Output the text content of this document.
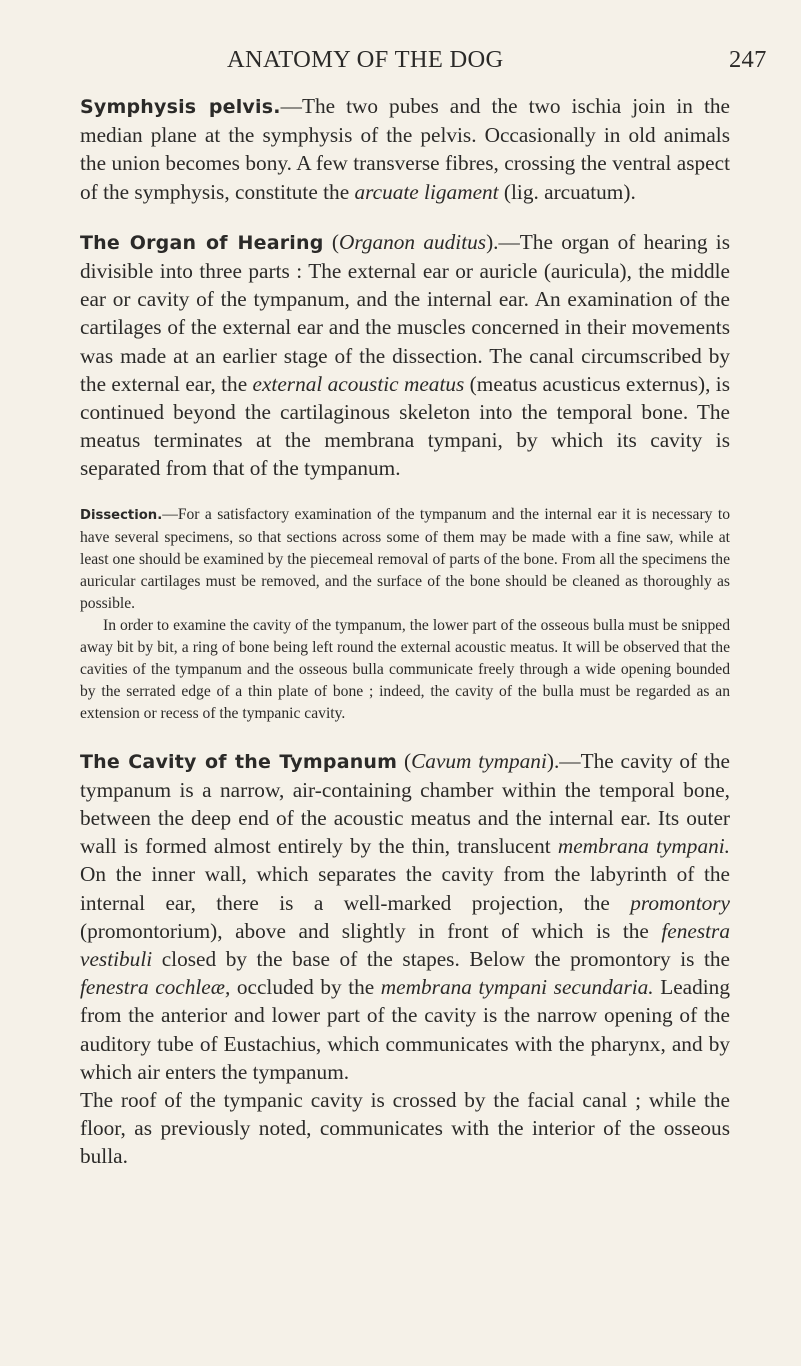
ANATOMY OF THE DOG	247

Symphysis pelvis.—The two pubes and the two ischia join in the median plane at the symphysis of the pelvis. Occasionally in old animals the union becomes bony. A few transverse fibres, crossing the ventral aspect of the symphysis, constitute the arcuate ligament (lig. arcuatum).

The Organ of Hearing (Organon auditus).—The organ of hearing is divisible into three parts : The external ear or auricle (auricula), the middle ear or cavity of the tympanum, and the internal ear. An examination of the cartilages of the external ear and the muscles concerned in their movements was made at an earlier stage of the dissection. The canal circumscribed by the external ear, the external acoustic meatus (meatus acusticus externus), is continued beyond the cartilaginous skeleton into the temporal bone. The meatus terminates at the membrana tympani, by which its cavity is separated from that of the tympanum.

Dissection.—For a satisfactory examination of the tympanum and the internal ear it is necessary to have several specimens, so that sections across some of them may be made with a fine saw, while at least one should be examined by the piecemeal removal of parts of the bone. From all the specimens the auricular cartilages must be removed, and the surface of the bone should be cleaned as thoroughly as possible.

In order to examine the cavity of the tympanum, the lower part of the osseous bulla must be snipped away bit by bit, a ring of bone being left round the external acoustic meatus. It will be observed that the cavities of the tympanum and the osseous bulla communicate freely through a wide opening bounded by the serrated edge of a thin plate of bone ; indeed, the cavity of the bulla must be regarded as an extension or recess of the tympanic cavity.

The Cavity of the Tympanum (Cavum tympani).—The cavity of the tympanum is a narrow, air-containing chamber within the temporal bone, between the deep end of the acoustic meatus and the internal ear. Its outer wall is formed almost entirely by the thin, translucent membrana tympani. On the inner wall, which separates the cavity from the labyrinth of the internal ear, there is a well-marked projection, the promontory (promontorium), above and slightly in front of which is the fenestra vestibuli closed by the base of the stapes. Below the promontory is the fenestra cochleæ, occluded by the membrana tympani secundaria. Leading from the anterior and lower part of the cavity is the narrow opening of the auditory tube of Eustachius, which communicates with the pharynx, and by which air enters the tympanum.

The roof of the tympanic cavity is crossed by the facial canal ; while the floor, as previously noted, communicates with the interior of the osseous bulla.
